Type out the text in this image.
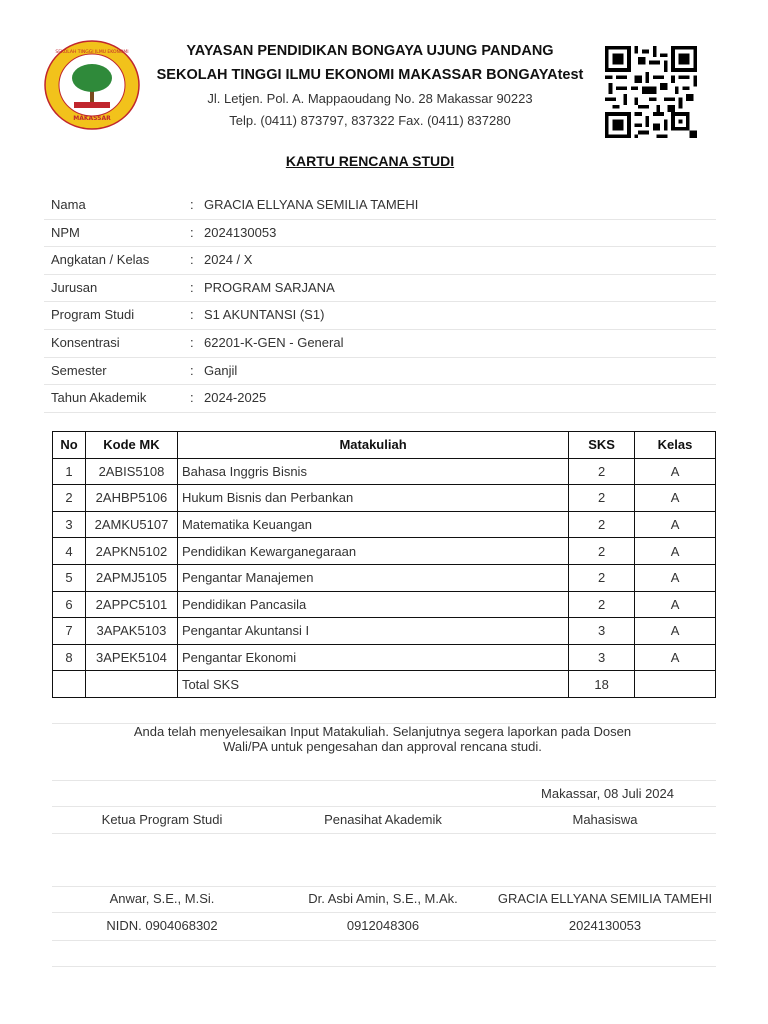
MAKASSAR
SEKOLAH TINGGI ILMU EKONOMI	YAYASAN PENDIDIKAN BONGAYA UJUNG PANDANG
SEKOLAH TINGGI ILMU EKONOMI MAKASSAR BONGAYAtest
Jl. Letjen. Pol. A. Mappaoudang No. 28 Makassar 90223
Telp. (0411) 873797, 837322 Fax. (0411) 837280
KARTU RENCANA STUDI
Nama	: GRACIA ELLYANA SEMILIA TAMEHI
NPM	: 2024130053
Angkatan / Kelas	: 2024 / X
Jurusan	: PROGRAM SARJANA
Program Studi	: S1 AKUNTANSI (S1)
Konsentrasi	: 62201-K-GEN - General
Semester	: Ganjil
Tahun Akademik	: 2024-2025
No	Kode MK	Matakuliah	SKS	Kelas
1	2ABIS5108	Bahasa Inggris Bisnis	2	A
2	2AHBP5106	Hukum Bisnis dan Perbankan	2	A
3	2AMKU5107	Matematika Keuangan	2	A
4	2APKN5102	Pendidikan Kewarganegaraan	2	A
5	2APMJ5105	Pengantar Manajemen	2	A
6	2APPC5101	Pendidikan Pancasila	2	A
7	3APAK5103	Pengantar Akuntansi I	3	A
8	3APEK5104	Pengantar Ekonomi	3	A
		Total SKS	18	
Anda telah menyelesaikan Input Matakuliah. Selanjutnya segera laporkan pada Dosen
Wali/PA untuk pengesahan dan approval rencana studi.
Makassar, 08 Juli 2024
Ketua Program Studi	Penasihat Akademik	Mahasiswa
Anwar, S.E., M.Si.	Dr. Asbi Amin, S.E., M.Ak.	GRACIA ELLYANA SEMILIA TAMEHI
NIDN. 0904068302	0912048306	2024130053
